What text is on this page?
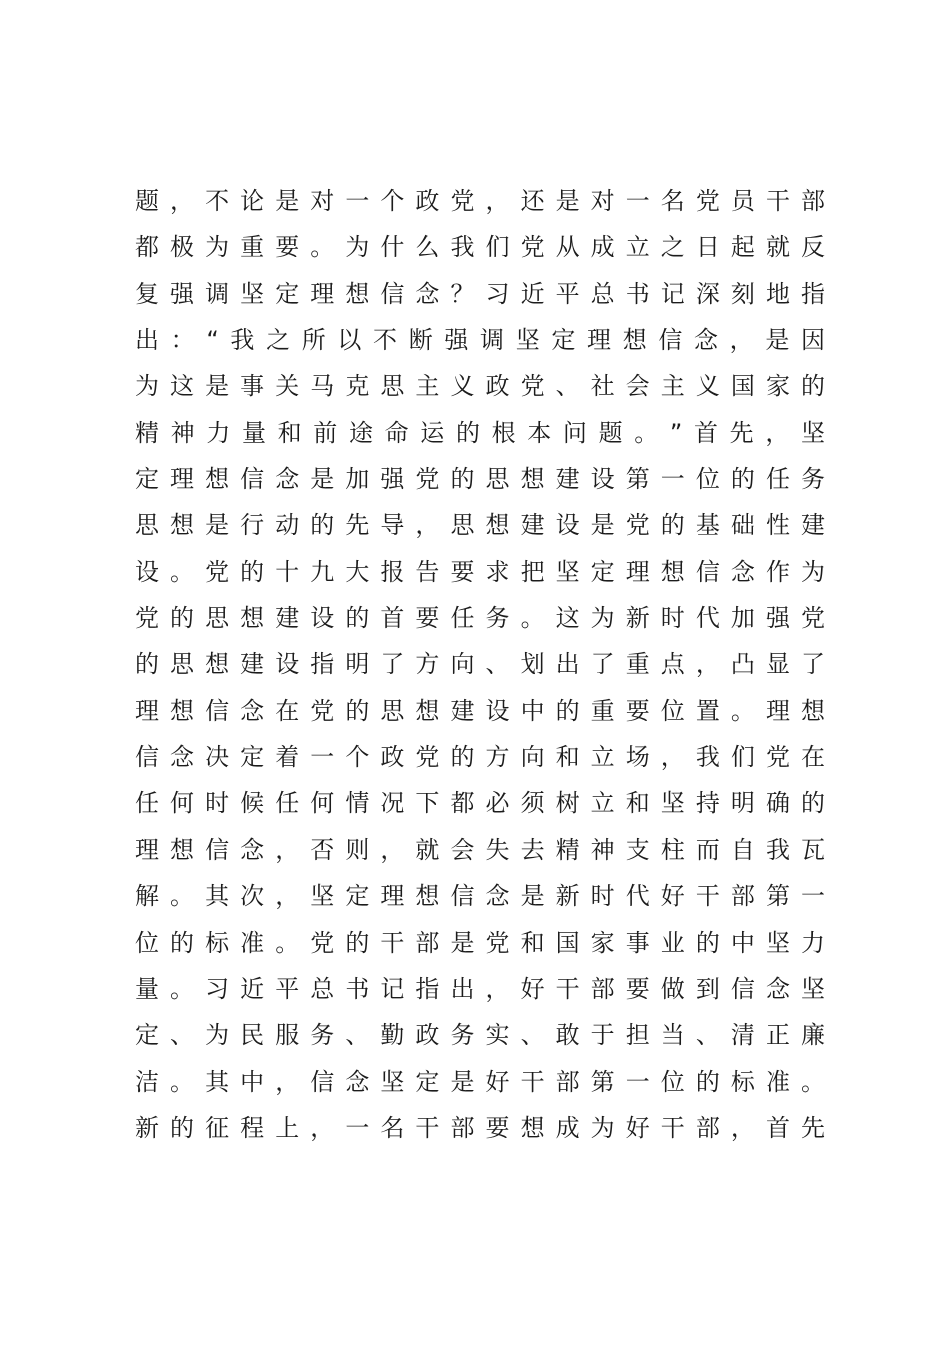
题​，​不​论​是​对​一​个​政​党​，​还​是​对​一​名​党​员​干​部
都​极​为​重​要​。​为​什​么​我​们​党​从​成​立​之​日​起​就​反
复​强​调​坚​定​理​想​信​念​？​习​近​平​总​书​记​深​刻​地​指
出​：​“​我​之​所​以​不​断​强​调​坚​定​理​想​信​念​，​是​因
为​这​是​事​关​马​克​思​主​义​政​党​、​社​会​主​义​国​家​的
精​神​力​量​和​前​途​命​运​的​根​本​问​题​。​”​首​先​，​坚
定​理​想​信​念​是​加​强​党​的​思​想​建​设​第​一​位​的​任​务
思​想​是​行​动​的​先​导​，​思​想​建​设​是​党​的​基​础​性​建
设​。​党​的​十​九​大​报​告​要​求​把​坚​定​理​想​信​念​作​为
党​的​思​想​建​设​的​首​要​任​务​。​这​为​新​时​代​加​强​党
的​思​想​建​设​指​明​了​方​向​、​划​出​了​重​点​，​凸​显​了
理​想​信​念​在​党​的​思​想​建​设​中​的​重​要​位​置​。​理​想
信​念​决​定​着​一​个​政​党​的​方​向​和​立​场​，​我​们​党​在
任​何​时​候​任​何​情​况​下​都​必​须​树​立​和​坚​持​明​确​的
理​想​信​念​，​否​则​，​就​会​失​去​精​神​支​柱​而​自​我​瓦
解​。​其​次​，​坚​定​理​想​信​念​是​新​时​代​好​干​部​第​一
位​的​标​准​。​党​的​干​部​是​党​和​国​家​事​业​的​中​坚​力
量​。​习​近​平​总​书​记​指​出​，​好​干​部​要​做​到​信​念​坚
定​、​为​民​服​务​、​勤​政​务​实​、​敢​于​担​当​、​清​正​廉
洁​。​其​中​，​信​念​坚​定​是​好​干​部​第​一​位​的​标​准​。
新​的​征​程​上​，​一​名​干​部​要​想​成​为​好​干​部​，​首​先
